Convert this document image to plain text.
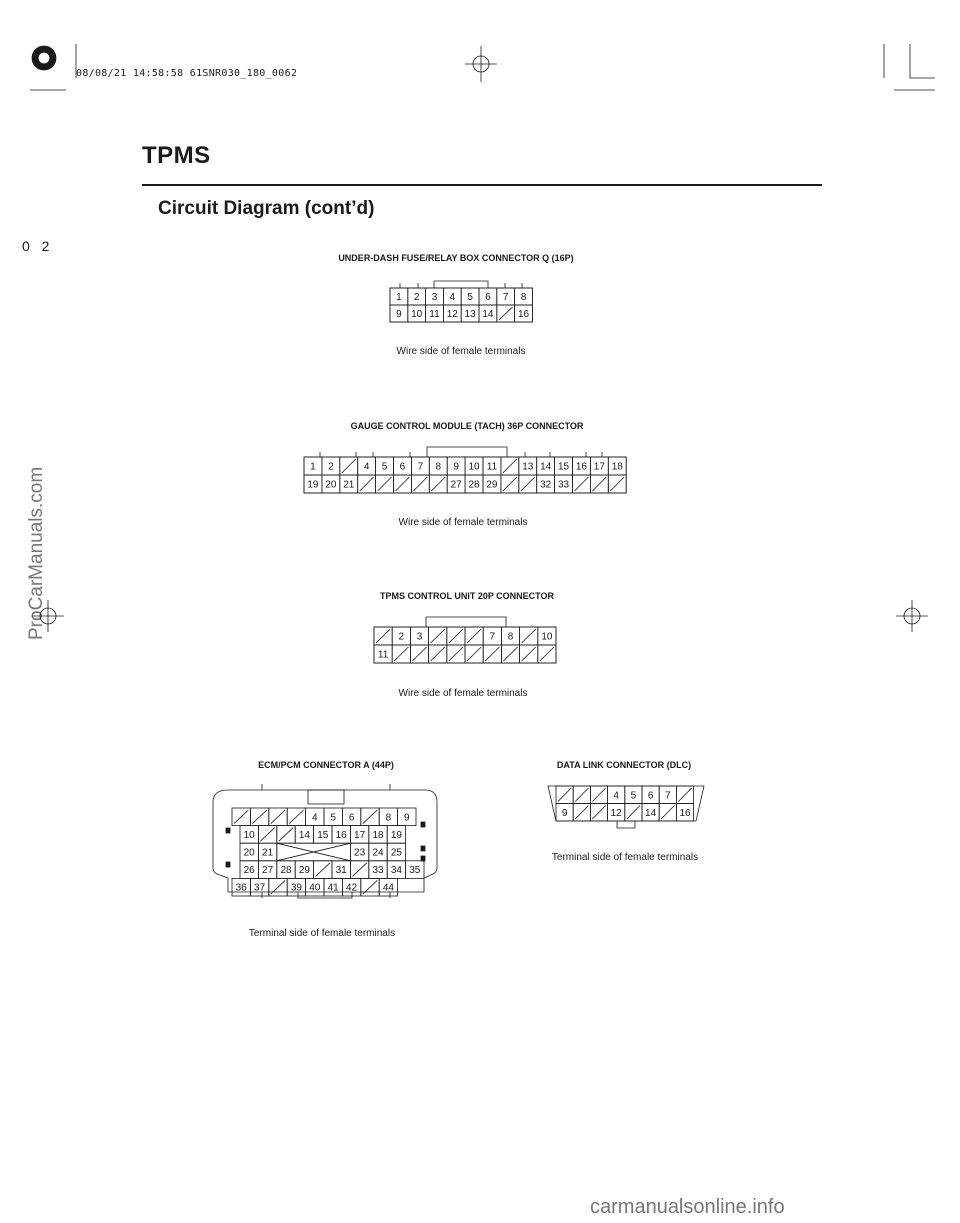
08/08/21 14:58:58 61SNR030_180_0062
TPMS
Circuit Diagram (cont’d)
0 2
ProCarManuals.com
carmanualsonline.info
UNDER-DASH FUSE/RELAY BOX CONNECTOR Q (16P)
Wire side of female terminals
GAUGE CONTROL MODULE (TACH) 36P CONNECTOR
Wire side of female terminals
TPMS CONTROL UNIT 20P CONNECTOR
Wire side of female terminals
ECM/PCM CONNECTOR A (44P)
Terminal side of female terminals
DATA LINK CONNECTOR (DLC)
Terminal side of female terminals
1 2 3 4 5 6 7 8
9 10 11 12 13 14 16
1 2	4 5 6 7 8 9 10 11	13 14 15 16 17 18
19 20 21	27 28 29	32 33
2 3	7 8	10
11
4 5 6	8 9
10	14 15 16 17 18 19
20 21	23 24 25
26 27 28 29	31	33 34 35
36 37	39 40 41 42	44
4 5 6 7
9	12 14 16
